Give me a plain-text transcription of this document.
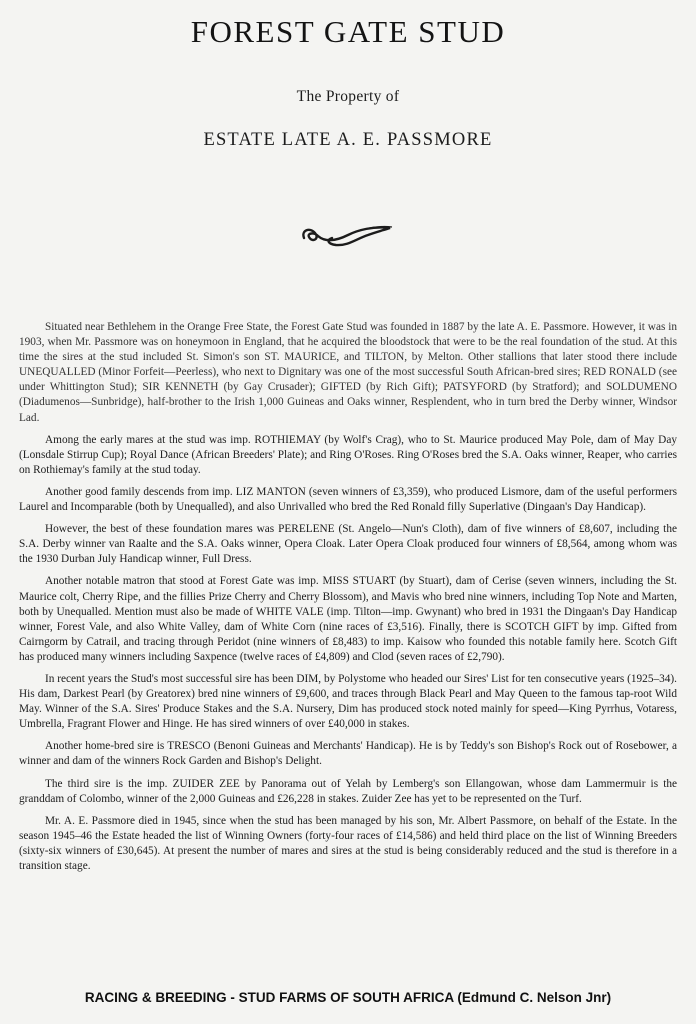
FOREST GATE STUD
The Property of
ESTATE LATE A. E. PASSMORE

Situated near Bethlehem in the Orange Free State, the Forest Gate Stud was founded in 1887 by the late A. E. Passmore. However, it was in 1903, when Mr. Passmore was on honeymoon in England, that he acquired the bloodstock that were to be the real foundation of the stud. At this time the sires at the stud included St. Simon's son ST. MAURICE, and TILTON, by Melton. Other stallions that later stood there include UNEQUALLED (Minor Forfeit—Peerless), who next to Dignitary was one of the most successful South African-bred sires; RED RONALD (see under Whittington Stud); SIR KENNETH (by Gay Crusader); GIFTED (by Rich Gift); PATSYFORD (by Stratford); and SOLDUMENO (Diadumenos—Sunbridge), half-brother to the Irish 1,000 Guineas and Oaks winner, Resplendent, who in turn bred the Derby winner, Windsor Lad.

Among the early mares at the stud was imp. ROTHIEMAY (by Wolf's Crag), who to St. Maurice produced May Pole, dam of May Day (Lonsdale Stirrup Cup); Royal Dance (African Breeders' Plate); and Ring O'Roses. Ring O'Roses bred the S.A. Oaks winner, Reaper, who carries on Rothiemay's family at the stud today.

Another good family descends from imp. LIZ MANTON (seven winners of £3,359), who produced Lismore, dam of the useful performers Laurel and Incomparable (both by Unequalled), and also Unrivalled who bred the Red Ronald filly Superlative (Dingaan's Day Handicap).

However, the best of these foundation mares was PERELENE (St. Angelo—Nun's Cloth), dam of five winners of £8,607, including the S.A. Derby winner van Raalte and the S.A. Oaks winner, Opera Cloak. Later Opera Cloak produced four winners of £8,564, among whom was the 1930 Durban July Handicap winner, Full Dress.

Another notable matron that stood at Forest Gate was imp. MISS STUART (by Stuart), dam of Cerise (seven winners, including the St. Maurice colt, Cherry Ripe, and the fillies Prize Cherry and Cherry Blossom), and Mavis who bred nine winners, including Top Note and Marten, both by Unequalled. Mention must also be made of WHITE VALE (imp. Tilton—imp. Gwynant) who bred in 1931 the Dingaan's Day Handicap winner, Forest Vale, and also White Valley, dam of White Corn (nine races of £3,516). Finally, there is SCOTCH GIFT by imp. Gifted from Cairngorm by Catrail, and tracing through Peridot (nine winners of £8,483) to imp. Kaisow who founded this notable family here. Scotch Gift has produced many winners including Saxpence (twelve races of £4,809) and Clod (seven races of £2,790).

In recent years the Stud's most successful sire has been DIM, by Polystome who headed our Sires' List for ten consecutive years (1925–34). His dam, Darkest Pearl (by Greatorex) bred nine winners of £9,600, and traces through Black Pearl and May Queen to the famous tap-root Wild May. Winner of the S.A. Sires' Produce Stakes and the S.A. Nursery, Dim has produced stock noted mainly for speed—King Pyrrhus, Votaress, Umbrella, Fragrant Flower and Hinge. He has sired winners of over £40,000 in stakes.

Another home-bred sire is TRESCO (Benoni Guineas and Merchants' Handicap). He is by Teddy's son Bishop's Rock out of Rosebower, a winner and dam of the winners Rock Garden and Bishop's Delight.

The third sire is the imp. ZUIDER ZEE by Panorama out of Yelah by Lemberg's son Ellangowan, whose dam Lammermuir is the granddam of Colombo, winner of the 2,000 Guineas and £26,228 in stakes. Zuider Zee has yet to be represented on the Turf.

Mr. A. E. Passmore died in 1945, since when the stud has been managed by his son, Mr. Albert Passmore, on behalf of the Estate. In the season 1945–46 the Estate headed the list of Winning Owners (forty-four races of £14,586) and held third place on the list of Winning Breeders (sixty-six winners of £30,645). At present the number of mares and sires at the stud is being considerably reduced and the stud is therefore in a transition stage.

RACING & BREEDING - STUD FARMS OF SOUTH AFRICA (Edmund C. Nelson Jnr)
